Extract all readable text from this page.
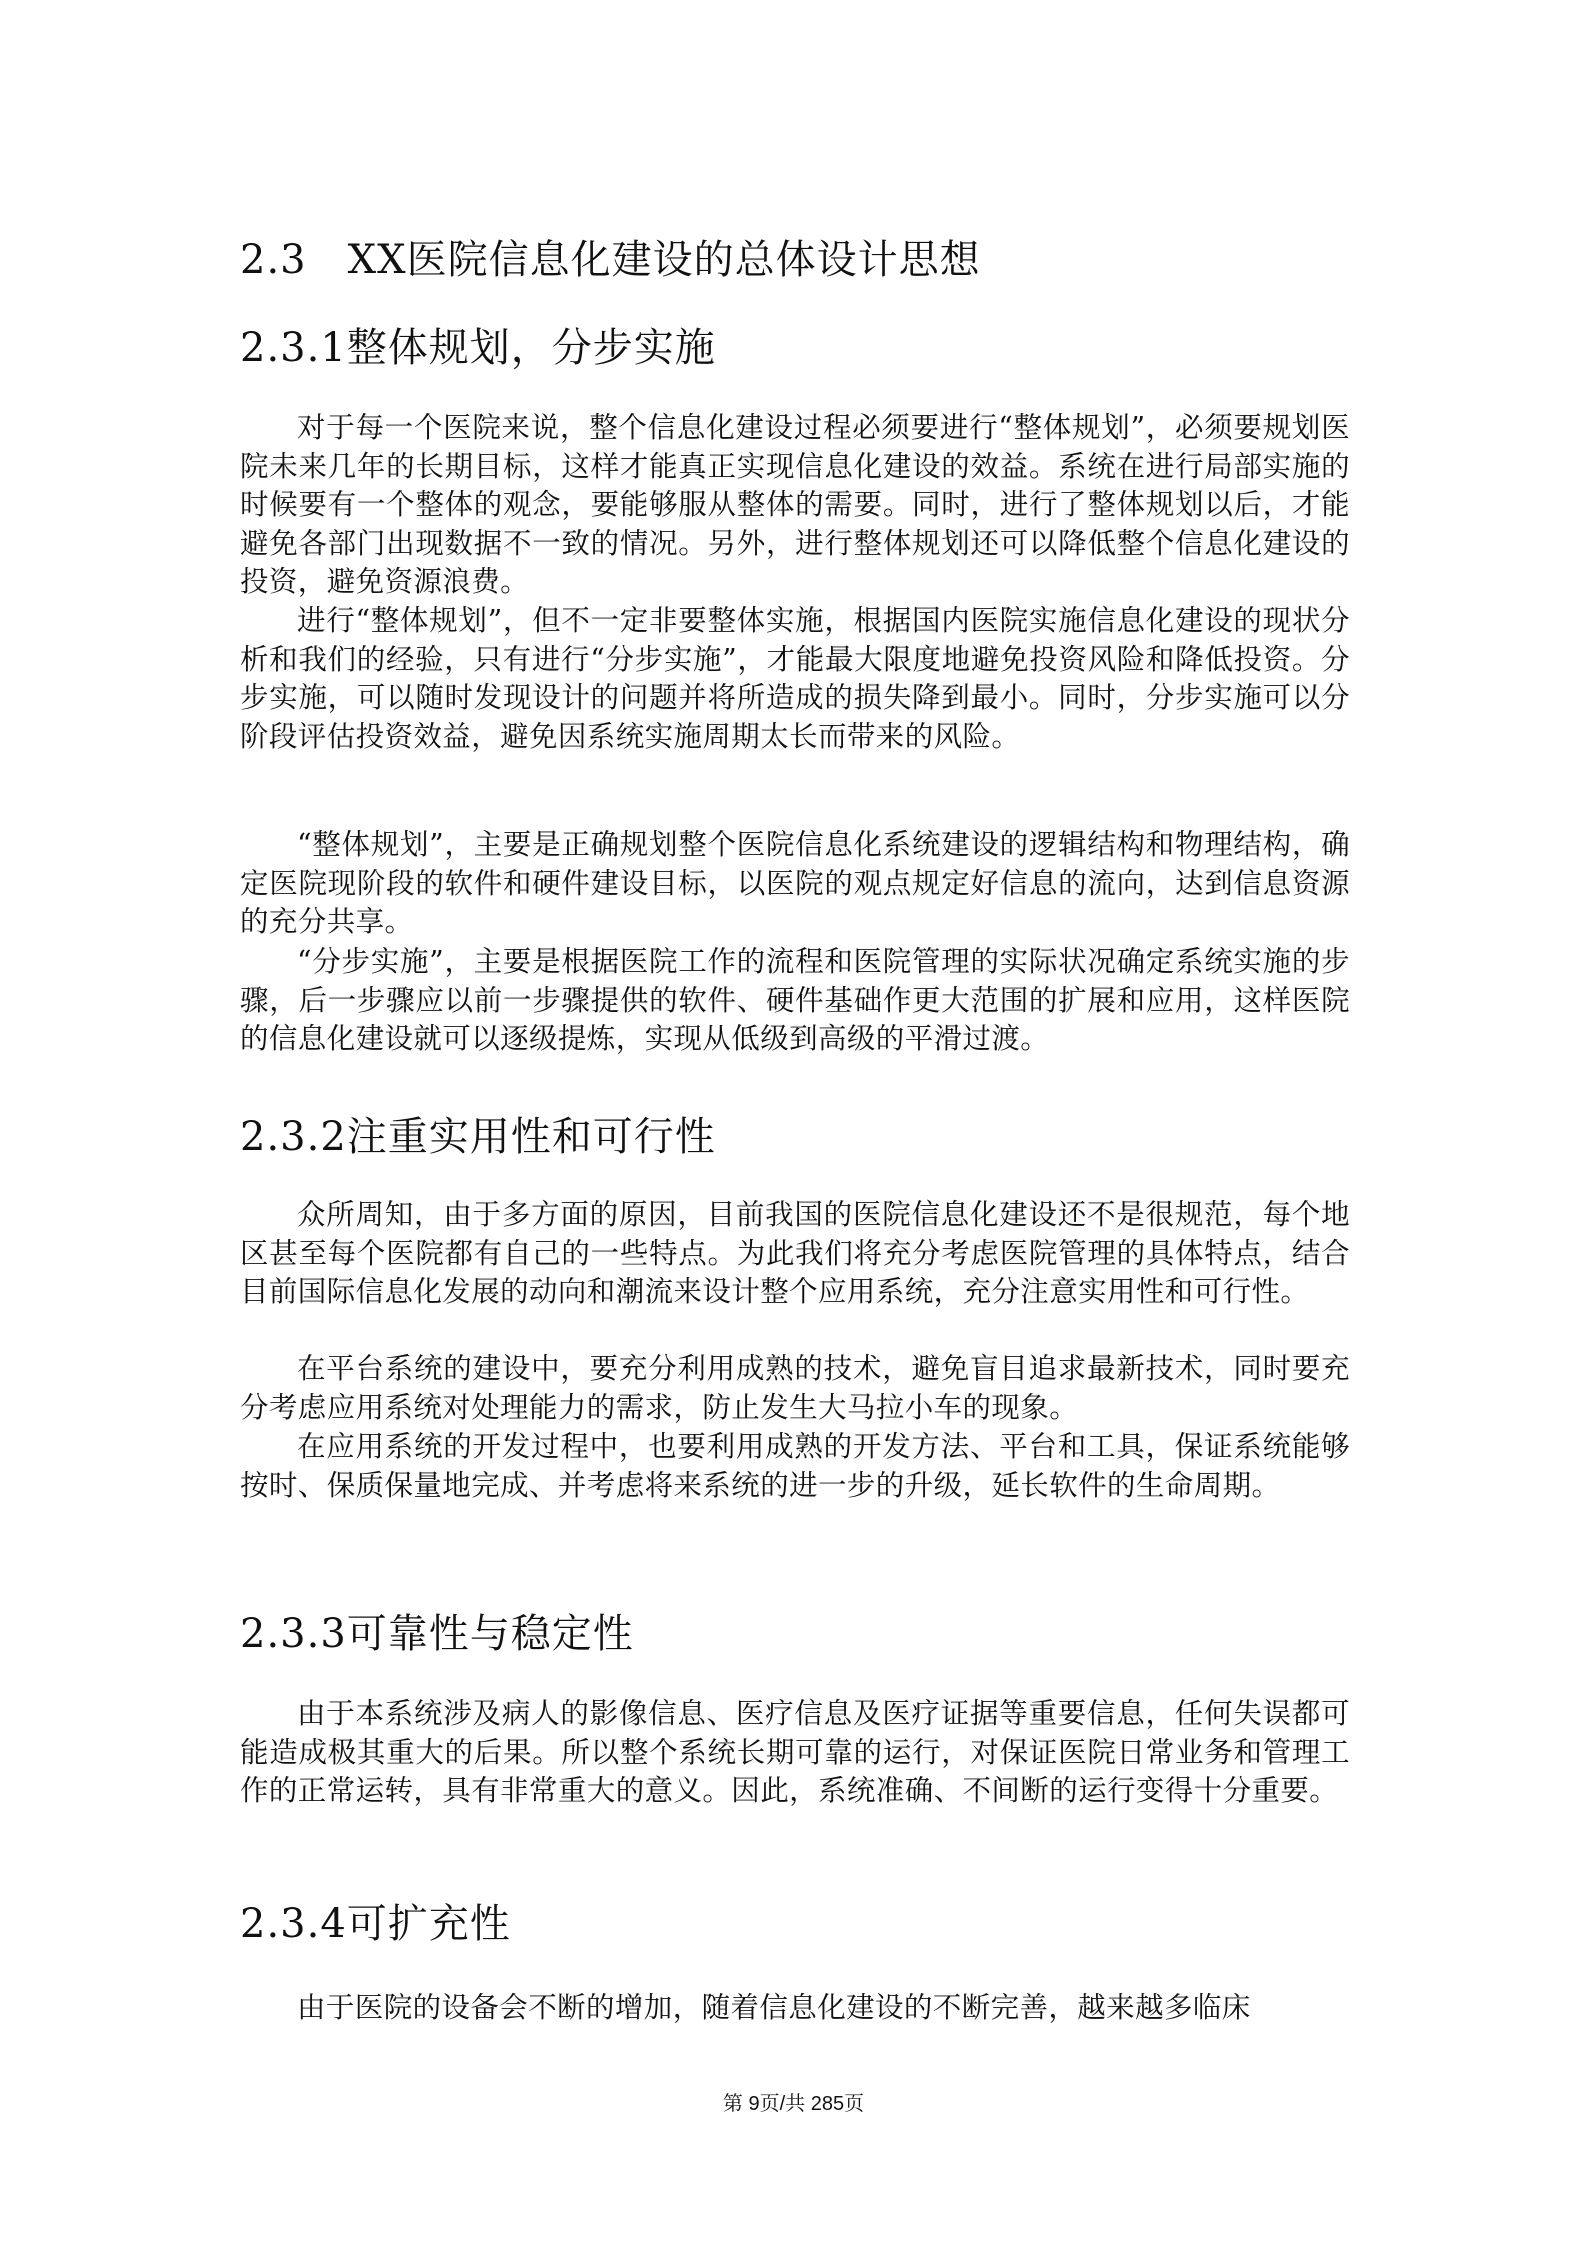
2.3　XX医院信息化建设的总体设计思想
2.3.1整体规划，分步实施

对于每一个医院来说，整个信息化建设过程必须要进行“整体规划”，必须要规划医院未来几年的长期目标，这样才能真正实现信息化建设的效益。系统在进行局部实施的时候要有一个整体的观念，要能够服从整体的需要。同时，进行了整体规划以后，才能避免各部门出现数据不一致的情况。另外，进行整体规划还可以降低整个信息化建设的投资，避免资源浪费。

进行“整体规划”，但不一定非要整体实施，根据国内医院实施信息化建设的现状分析和我们的经验，只有进行“分步实施”，才能最大限度地避免投资风险和降低投资。分步实施，可以随时发现设计的问题并将所造成的损失降到最小。同时，分步实施可以分阶段评估投资效益，避免因系统实施周期太长而带来的风险。

“整体规划”，主要是正确规划整个医院信息化系统建设的逻辑结构和物理结构，确定医院现阶段的软件和硬件建设目标，以医院的观点规定好信息的流向，达到信息资源的充分共享。

“分步实施”，主要是根据医院工作的流程和医院管理的实际状况确定系统实施的步骤，后一步骤应以前一步骤提供的软件、硬件基础作更大范围的扩展和应用，这样医院的信息化建设就可以逐级提炼，实现从低级到高级的平滑过渡。

2.3.2注重实用性和可行性

众所周知，由于多方面的原因，目前我国的医院信息化建设还不是很规范，每个地区甚至每个医院都有自己的一些特点。为此我们将充分考虑医院管理的具体特点，结合目前国际信息化发展的动向和潮流来设计整个应用系统，充分注意实用性和可行性。

在平台系统的建设中，要充分利用成熟的技术，避免盲目追求最新技术，同时要充分考虑应用系统对处理能力的需求，防止发生大马拉小车的现象。

在应用系统的开发过程中，也要利用成熟的开发方法、平台和工具，保证系统能够按时、保质保量地完成、并考虑将来系统的进一步的升级，延长软件的生命周期。

2.3.3可靠性与稳定性

由于本系统涉及病人的影像信息、医疗信息及医疗证据等重要信息，任何失误都可能造成极其重大的后果。所以整个系统长期可靠的运行，对保证医院日常业务和管理工作的正常运转，具有非常重大的意义。因此，系统准确、不间断的运行变得十分重要。

2.3.4可扩充性

由于医院的设备会不断的增加，随着信息化建设的不断完善，越来越多临床

第 9页/共 285页
